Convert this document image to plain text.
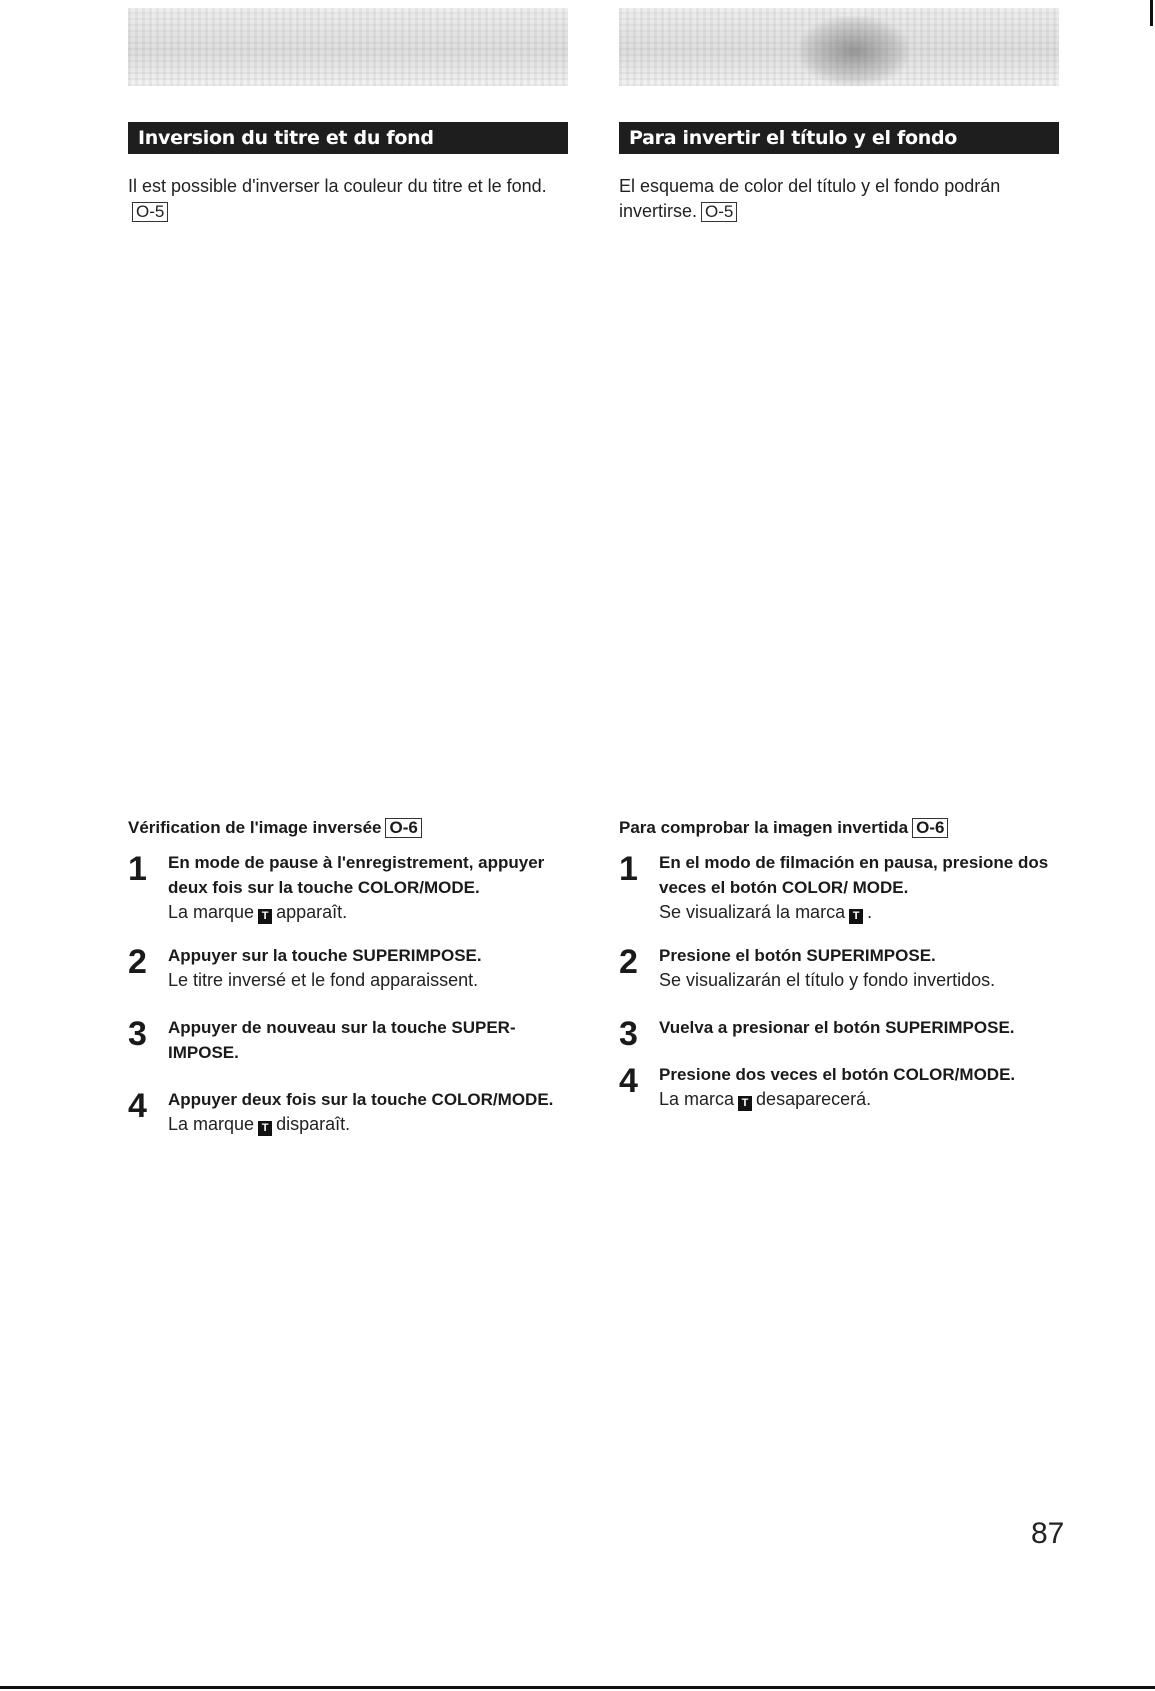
Inversion du titre et du fond
Il est possible d'inverser la couleur du titre et le fond.O-5
Vérification de l'image inversée O-6
1 En mode de pause à l'enregistrement, appuyer deux fois sur la touche COLOR/MODE.
La marque T apparaît.
2 Appuyer sur la touche SUPERIMPOSE.
Le titre inversé et le fond apparaissent.
3 Appuyer de nouveau sur la touche SUPER-IMPOSE.
4 Appuyer deux fois sur la touche COLOR/MODE.
La marque T disparaît.
Para invertir el título y el fondo
El esquema de color del título y el fondo podrán invertirse. O-5
Para comprobar la imagen invertida O-6
1 En el modo de filmación en pausa, presione dos veces el botón COLOR/ MODE.
Se visualizará la marca T .
2 Presione el botón SUPERIMPOSE.
Se visualizarán el título y fondo invertidos.
3 Vuelva a presionar el botón SUPERIMPOSE.
4 Presione dos veces el botón COLOR/MODE.
La marca T desaparecerá.
87
